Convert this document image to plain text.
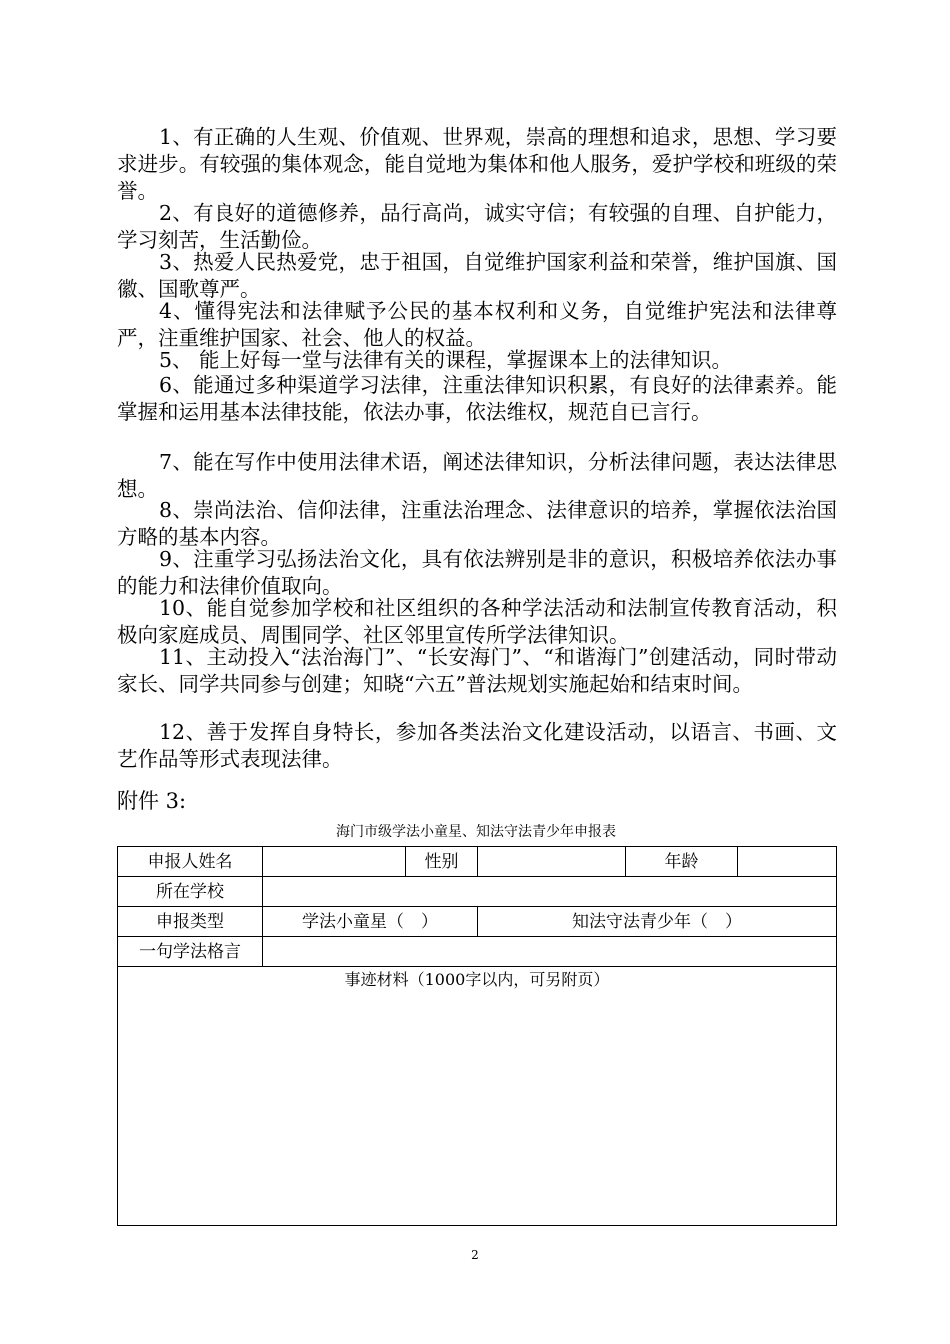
1、有正确的人生观、价值观、世界观，崇高的理想和追求，思想、学习要求进步。有较强的集体观念，能自觉地为集体和他人服务，爱护学校和班级的荣誉。

2、有良好的道德修养，品行高尚，诚实守信；有较强的自理、自护能力，学习刻苦，生活勤俭。

3、热爱人民热爱党，忠于祖国，自觉维护国家利益和荣誉，维护国旗、国徽、国歌尊严。

4、懂得宪法和法律赋予公民的基本权利和义务，自觉维护宪法和法律尊严，注重维护国家、社会、他人的权益。

5、 能上好每一堂与法律有关的课程，掌握课本上的法律知识。

6、能通过多种渠道学习法律，注重法律知识积累，有良好的法律素养。能掌握和运用基本法律技能，依法办事，依法维权，规范自已言行。

7、能在写作中使用法律术语，阐述法律知识，分析法律问题，表达法律思想。

8、崇尚法治、信仰法律，注重法治理念、法律意识的培养，掌握依法治国方略的基本内容。

9、注重学习弘扬法治文化，具有依法辨别是非的意识，积极培养依法办事的能力和法律价值取向。

10、能自觉参加学校和社区组织的各种学法活动和法制宣传教育活动，积极向家庭成员、周围同学、社区邻里宣传所学法律知识。

11、主动投入“法治海门”、“长安海门”、“和谐海门”创建活动，同时带动家长、同学共同参与创建；知晓“六五”普法规划实施起始和结束时间。

12、善于发挥自身特长，参加各类法治文化建设活动，以语言、书画、文艺作品等形式表现法律。

附件 3:

海门市级学法小童星、知法守法青少年申报表

申报人姓名		性别		年龄	
所在学校					
申报类型	学法小童星（　）		知法守法青少年（　）		
一句学法格言					
事迹材料（1000字以内，可另附页）					
2
